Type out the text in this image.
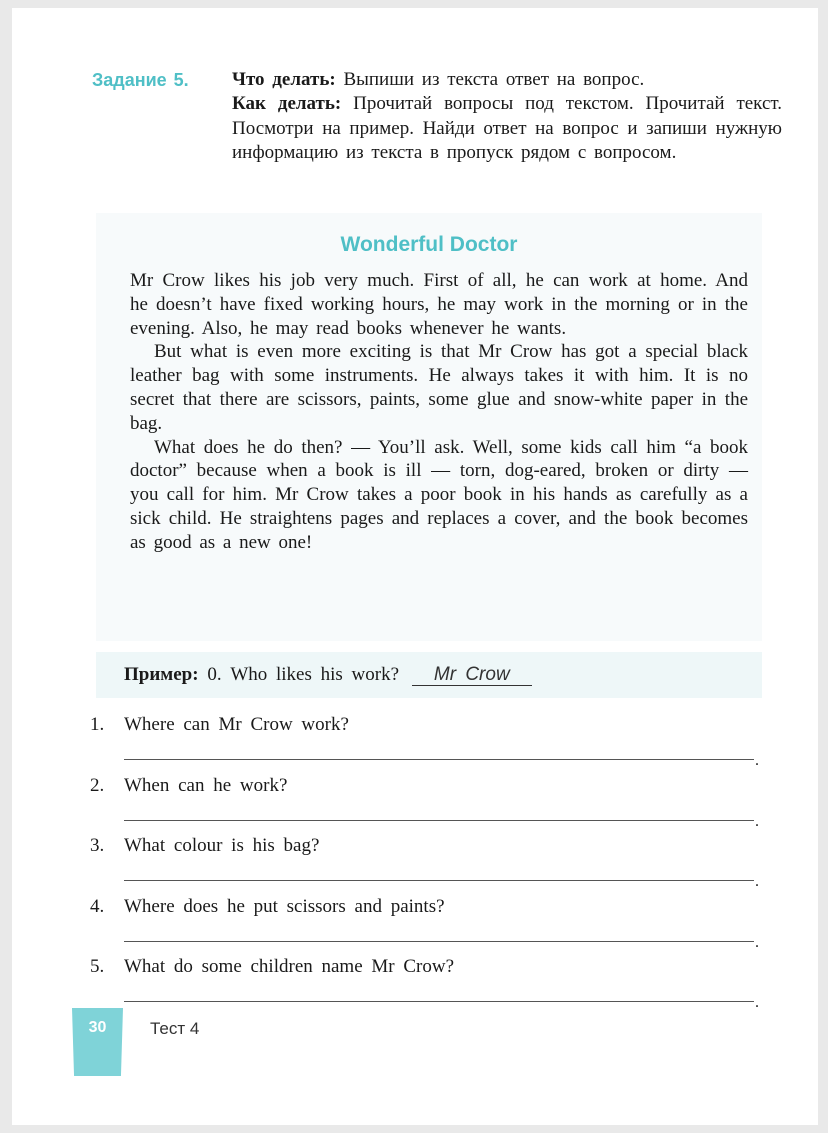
Задание 5.	Что делать: Выпиши из текста ответ на вопрос.
Как делать: Прочитай вопросы под текстом. Прочитай текст. Посмотри на пример. Найди ответ на вопрос и запиши нужную информацию из текста в пропуск рядом с вопросом.
Wonderful Doctor

Mr Crow likes his job very much. First of all, he can work at home. And he doesn’t have fixed working hours, he may work in the morning or in the evening. Also, he may read books whenever he wants.

But what is even more exciting is that Mr Crow has got a special black leather bag with some instruments. He always takes it with him. It is no secret that there are scissors, paints, some glue and snow-white paper in the bag.

What does he do then? — You’ll ask. Well, some kids call him “a book doctor” because when a book is ill — torn, dog-eared, broken or dirty — you call for him. Mr Crow takes a poor book in his hands as carefully as a sick child. He straightens pages and replaces a cover, and the book becomes as good as a new one!

Пример: 0. Who likes his work? Mr Crow
1. Where can Mr Crow work?
.
2. When can he work?
.
3. What colour is his bag?
.
4. Where does he put scissors and paints?
.
5. What do some children name Mr Crow?
.
30	Тест 4
